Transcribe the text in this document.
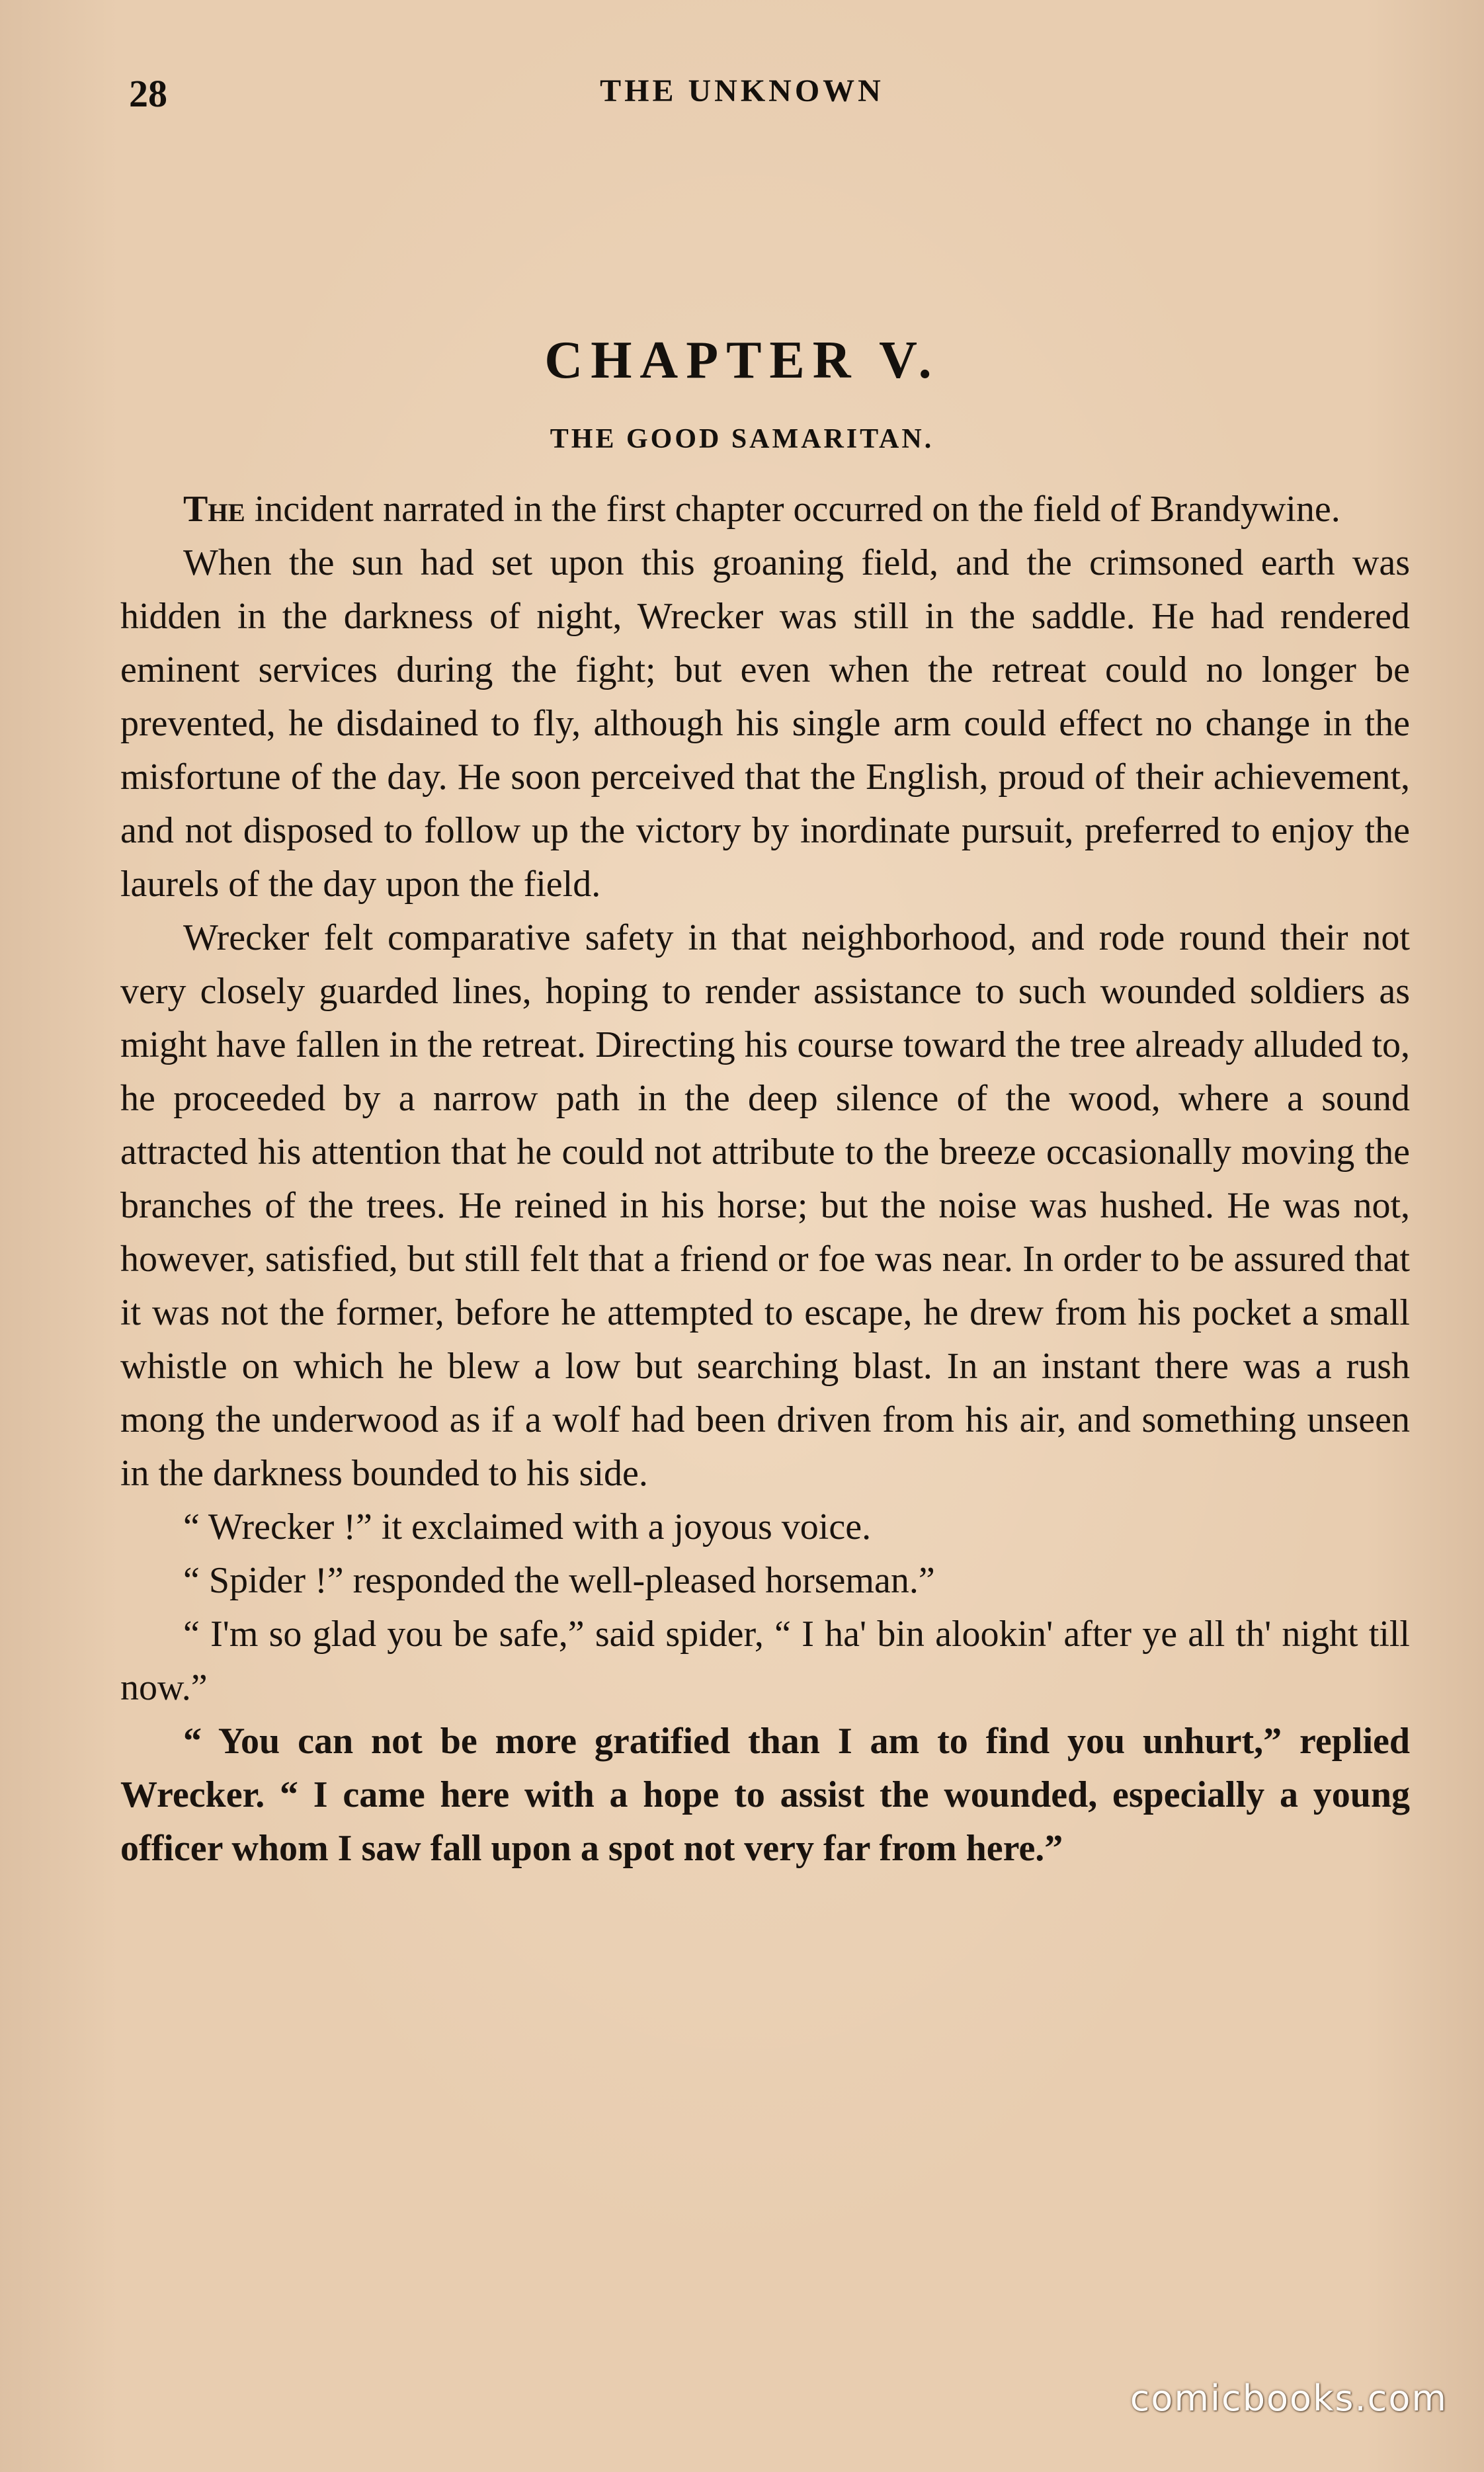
28	THE UNKNOWN
CHAPTER V.
THE GOOD SAMARITAN.

The incident narrated in the first chapter occurred on the field of Brandywine.

When the sun had set upon this groaning field, and the crimsoned earth was hidden in the darkness of night, Wrecker was still in the saddle. He had rendered eminent services during the fight; but even when the retreat could no longer be prevented, he disdained to fly, although his single arm could effect no change in the misfortune of the day. He soon perceived that the English, proud of their achievement, and not disposed to follow up the victory by inordinate pursuit, preferred to enjoy the laurels of the day upon the field.

Wrecker felt comparative safety in that neighborhood, and rode round their not very closely guarded lines, hoping to render assistance to such wounded soldiers as might have fallen in the retreat. Directing his course toward the tree already alluded to, he proceeded by a narrow path in the deep silence of the wood, where a sound attracted his attention that he could not attribute to the breeze occasionally moving the branches of the trees. He reined in his horse; but the noise was hushed. He was not, however, satisfied, but still felt that a friend or foe was near. In order to be assured that it was not the former, before he attempted to escape, he drew from his pocket a small whistle on which he blew a low but searching blast. In an instant there was a rush mong the underwood as if a wolf had been driven from his air, and something unseen in the darkness bounded to his side.

“ Wrecker !” it exclaimed with a joyous voice.

“ Spider !” responded the well-pleased horseman.”

“ I'm so glad you be safe,” said spider, “ I ha' bin alookin' after ye all th' night till now.”

“ You can not be more gratified than I am to find you unhurt,” replied Wrecker. “ I came here with a hope to assist the wounded, especially a young officer whom I saw fall upon a spot not very far from here.”

comicbooks.com
